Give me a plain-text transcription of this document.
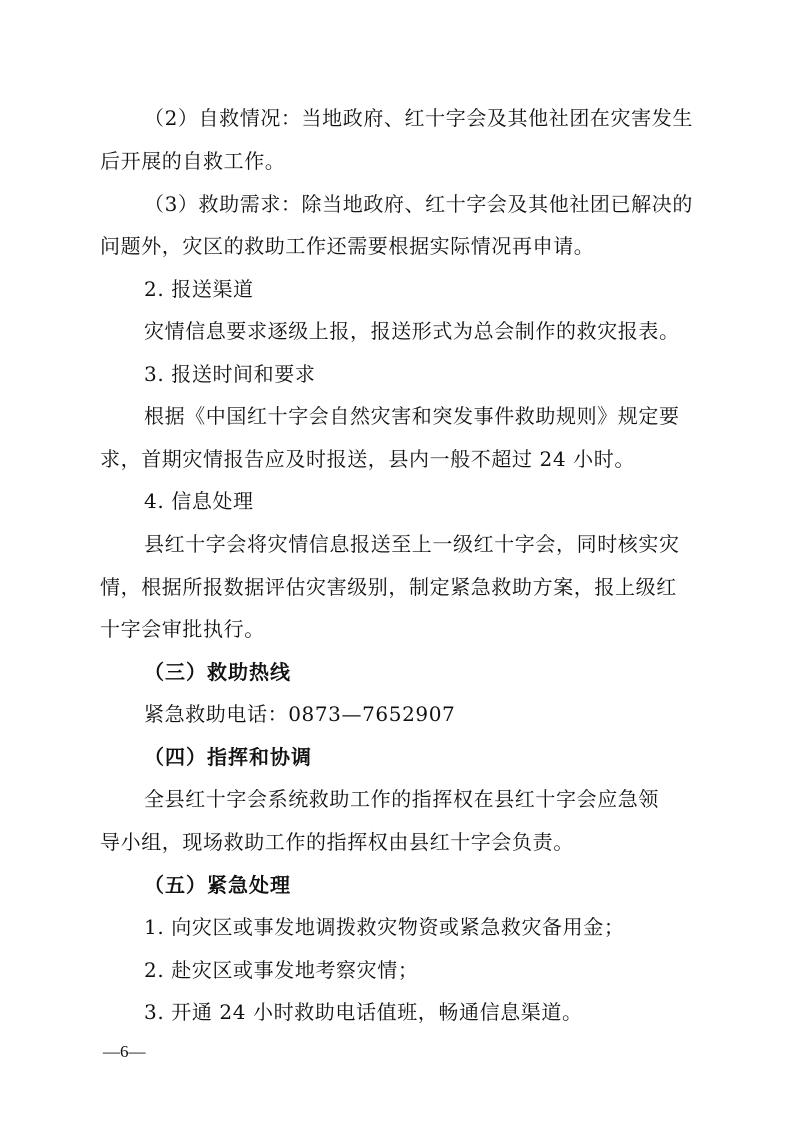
（2）自救情况：当地政府、红十字会及其他社团在灾害发生
后开展的自救工作。
（3）救助需求：除当地政府、红十字会及其他社团已解决的
问题外，灾区的救助工作还需要根据实际情况再申请。
2. 报送渠道
灾情信息要求逐级上报，报送形式为总会制作的救灾报表。
3. 报送时间和要求
根据《中国红十字会自然灾害和突发事件救助规则》规定要
求，首期灾情报告应及时报送，县内一般不超过 24 小时。
4. 信息处理
县红十字会将灾情信息报送至上一级红十字会，同时核实灾
情，根据所报数据评估灾害级别，制定紧急救助方案，报上级红
十字会审批执行。
（三）救助热线
紧急救助电话：0873—7652907
（四）指挥和协调
全县红十字会系统救助工作的指挥权在县红十字会应急领
导小组，现场救助工作的指挥权由县红十字会负责。
（五）紧急处理
1. 向灾区或事发地调拨救灾物资或紧急救灾备用金；
2. 赴灾区或事发地考察灾情；
3. 开通 24 小时救助电话值班，畅通信息渠道。
—6—
